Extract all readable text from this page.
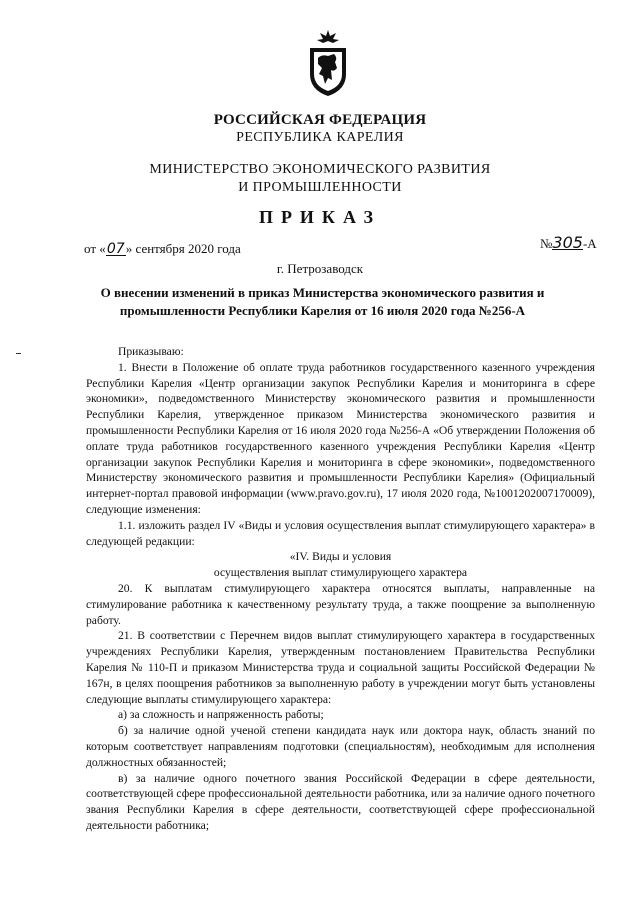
РОССИЙСКАЯ ФЕДЕРАЦИЯ
РЕСПУБЛИКА КАРЕЛИЯ
МИНИСТЕРСТВО ЭКОНОМИЧЕСКОГО РАЗВИТИЯ
И ПРОМЫШЛЕННОСТИ
ПРИКАЗ
от «07» сентября 2020 года	№305-А
г. Петрозаводск
О внесении изменений в приказ Министерства экономического развития и промышленности Республики Карелия от 16 июля 2020 года №256-А

Приказываю:

1. Внести в Положение об оплате труда работников государственного казенного учреждения Республики Карелия «Центр организации закупок Республики Карелия и мониторинга в сфере экономики», подведомственного Министерству экономического развития и промышленности Республики Карелия, утвержденное приказом Министерства экономического развития и промышленности Республики Карелия от 16 июля 2020 года №256-А «Об утверждении Положения об оплате труда работников государственного казенного учреждения Республики Карелия «Центр организации закупок Республики Карелия и мониторинга в сфере экономики», подведомственного Министерству экономического развития и промышленности Республики Карелия» (Официальный интернет-портал правовой информации (www.pravo.gov.ru), 17 июля 2020 года, №1001202007170009), следующие изменения:

1.1. изложить раздел IV «Виды и условия осуществления выплат стимулирующего характера» в следующей редакции:

«IV. Виды и условия

осуществления выплат стимулирующего характера

20. К выплатам стимулирующего характера относятся выплаты, направленные на стимулирование работника к качественному результату труда, а также поощрение за выполненную работу.

21. В соответствии с Перечнем видов выплат стимулирующего характера в государственных учреждениях Республики Карелия, утвержденным постановлением Правительства Республики Карелия № 110-П и приказом Министерства труда и социальной защиты Российской Федерации № 167н, в целях поощрения работников за выполненную работу в учреждении могут быть установлены следующие выплаты стимулирующего характера:

а) за сложность и напряженность работы;

б) за наличие одной ученой степени кандидата наук или доктора наук, область знаний по которым соответствует направлениям подготовки (специальностям), необходимым для исполнения должностных обязанностей;

в) за наличие одного почетного звания Российской Федерации в сфере деятельности, соответствующей сфере профессиональной деятельности работника, или за наличие одного почетного звания Республики Карелия в сфере деятельности, соответствующей сфере профессиональной деятельности работника;
